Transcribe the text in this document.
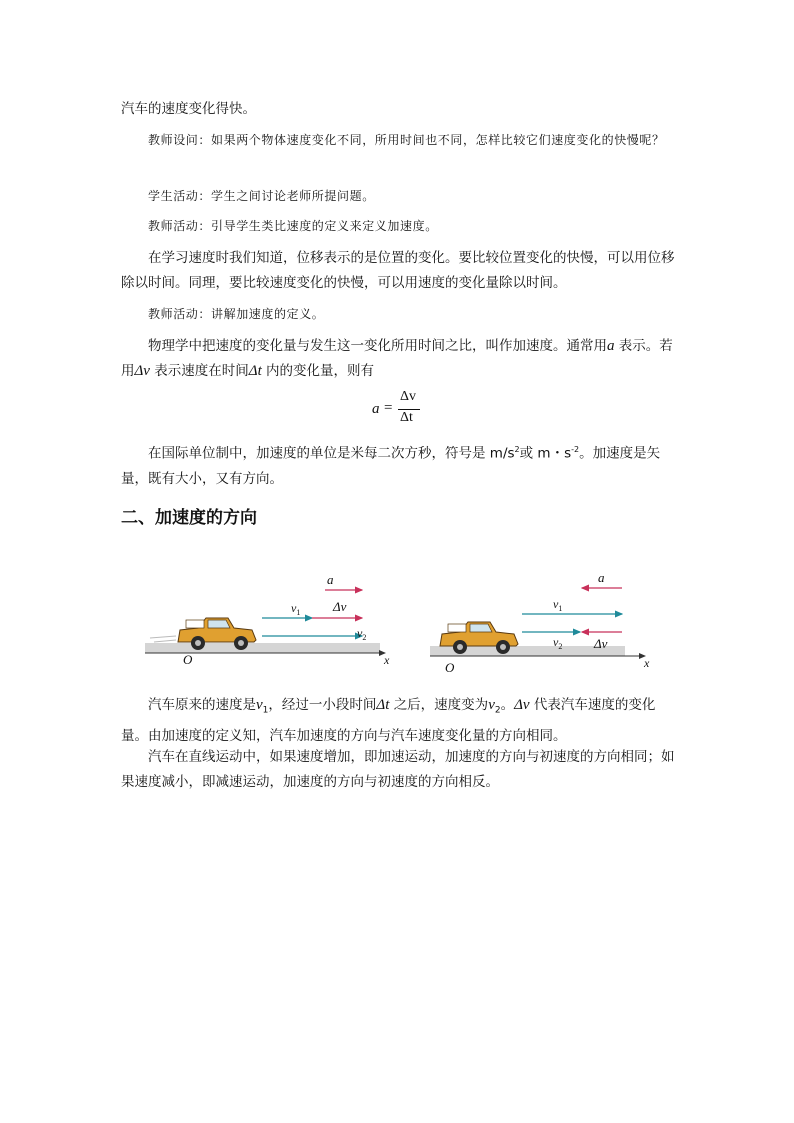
汽车的速度变化得快。

教师设问：如果两个物体速度变化不同，所用时间也不同，怎样比较它们速度变化的快慢呢？

学生活动：学生之间讨论老师所提问题。

教师活动：引导学生类比速度的定义来定义加速度。

在学习速度时我们知道，位移表示的是位置的变化。要比较位置变化的快慢，可以用位移除以时间。同理，要比较速度变化的快慢，可以用速度的变化量除以时间。

教师活动：讲解加速度的定义。

物理学中把速度的变化量与发生这一变化所用时间之比，叫作加速度。通常用a 表示。若用Δv 表示速度在时间Δt 内的变化量，则有

a =
Δv
Δt

在国际单位制中，加速度的单位是米每二次方秒，符号是 $m/s^2$或 m・$s^{-2}$。加速度是矢量，既有大小，又有方向。

二、加速度的方向
O	x
a
$v_1$	Δv
$v_2$
O	x
a
$v_1$
$v_2$ Δv

汽车原来的速度是$v_1$，经过一小段时间Δt 之后，速度变为$v_2$。Δv 代表汽车速度的变化量。由加速度的定义知，汽车加速度的方向与汽车速度变化量的方向相同。

汽车在直线运动中，如果速度增加，即加速运动，加速度的方向与初速度的方向相同；如果速度减小，即减速运动，加速度的方向与初速度的方向相反。
